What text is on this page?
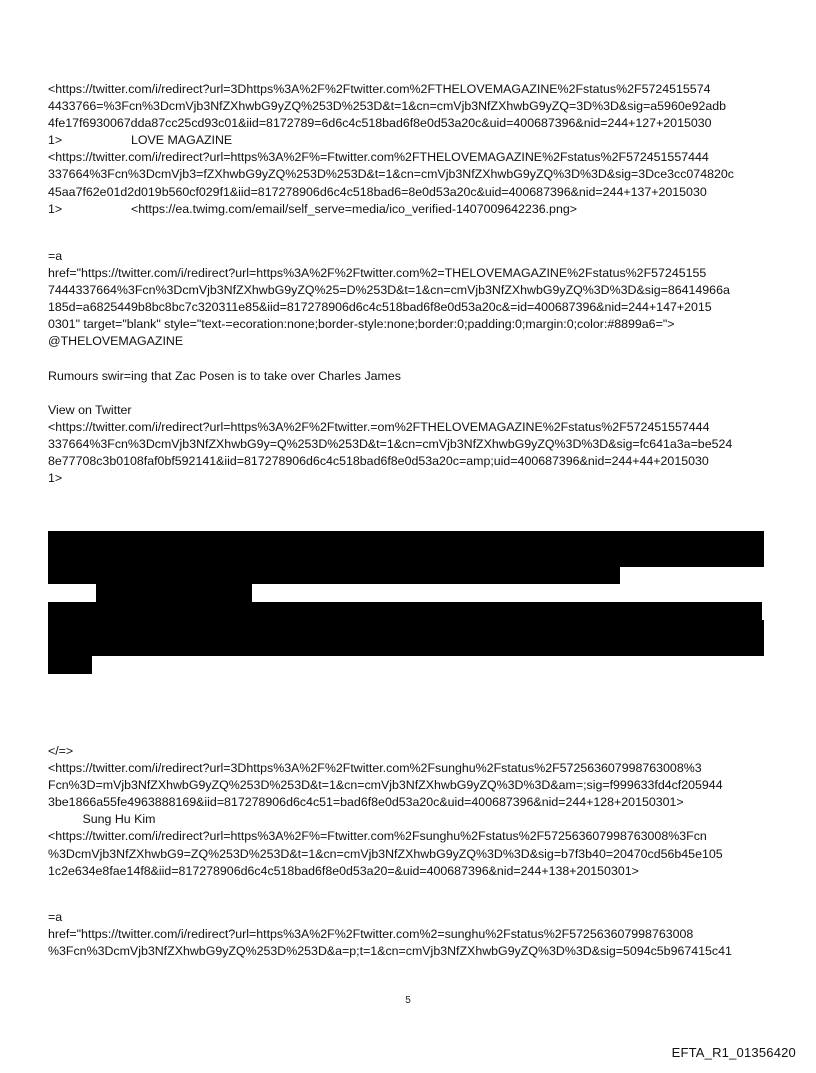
<https://twitter.com/i/redirect?url=3Dhttps%3A%2F%2Ftwitter.com%2FTHELOVEMAGAZINE%2Fstatus%2F5724515574
4433766=%3Fcn%3DcmVjb3NfZXhwbG9yZQ%253D%253D&t=1&cn=cmVjb3NfZXhwbG9yZQ=3D%3D&sig=a5960e92adb
4fe17f6930067dda87cc25cd93c01&iid=8172789=6d6c4c518bad6f8e0d53a20c&uid=400687396&nid=244+127+2015030
1>                    LOVE MAGAZINE
<https://twitter.com/i/redirect?url=https%3A%2F%=Ftwitter.com%2FTHELOVEMAGAZINE%2Fstatus%2F572451557444
337664%3Fcn%3DcmVjb3=fZXhwbG9yZQ%253D%253D&t=1&cn=cmVjb3NfZXhwbG9yZQ%3D%3D&sig=3Dce3cc074820c
45aa7f62e01d2d019b560cf029f1&iid=817278906d6c4c518bad6=8e0d53a20c&uid=400687396&nid=244+137+2015030
1>                    <https://ea.twimg.com/email/self_serve=media/ico_verified-1407009642236.png>
=a
href="https://twitter.com/i/redirect?url=https%3A%2F%2Ftwitter.com%2=THELOVEMAGAZINE%2Fstatus%2F57245155
7444337664%3Fcn%3DcmVjb3NfZXhwbG9yZQ%25=D%253D&t=1&cn=cmVjb3NfZXhwbG9yZQ%3D%3D&sig=86414966a
185d=a6825449b8bc8bc7c320311e85&iid=817278906d6c4c518bad6f8e0d53a20c&=id=400687396&nid=244+147+2015
0301" target="blank" style="text-=ecoration:none;border-style:none;border:0;padding:0;margin:0;color:#8899a6=">
@THELOVEMAGAZINE
Rumours swir=ing that Zac Posen is to take over Charles James
View on Twitter
<https://twitter.com/i/redirect?url=https%3A%2F%2Ftwitter.=om%2FTHELOVEMAGAZINE%2Fstatus%2F572451557444
337664%3Fcn%3DcmVjb3NfZXhwbG9y=Q%253D%253D&t=1&cn=cmVjb3NfZXhwbG9yZQ%3D%3D&sig=fc641a3a=be524
8e77708c3b0108faf0bf592141&iid=817278906d6c4c518bad6f8e0d53a20c=amp;uid=400687396&nid=244+44+2015030
1>
</=>
<https://twitter.com/i/redirect?url=3Dhttps%3A%2F%2Ftwitter.com%2Fsunghu%2Fstatus%2F572563607998763008%3
Fcn%3D=mVjb3NfZXhwbG9yZQ%253D%253D&t=1&cn=cmVjb3NfZXhwbG9yZQ%3D%3D&am=;sig=f999633fd4cf205944
3be1866a55fe4963888169&iid=817278906d6c4c51=bad6f8e0d53a20c&uid=400687396&nid=244+128+20150301>
Sung Hu Kim
<https://twitter.com/i/redirect?url=https%3A%2F%=Ftwitter.com%2Fsunghu%2Fstatus%2F572563607998763008%3Fcn
%3DcmVjb3NfZXhwbG9=ZQ%253D%253D&t=1&cn=cmVjb3NfZXhwbG9yZQ%3D%3D&sig=b7f3b40=20470cd56b45e105
1c2e634e8fae14f8&iid=817278906d6c4c518bad6f8e0d53a20=&uid=400687396&nid=244+138+20150301>
=a
href="https://twitter.com/i/redirect?url=https%3A%2F%2Ftwitter.com%2=sunghu%2Fstatus%2F572563607998763008
%3Fcn%3DcmVjb3NfZXhwbG9yZQ%253D%253D&a=p;t=1&cn=cmVjb3NfZXhwbG9yZQ%3D%3D&sig=5094c5b967415c41
5
EFTA_R1_01356420
